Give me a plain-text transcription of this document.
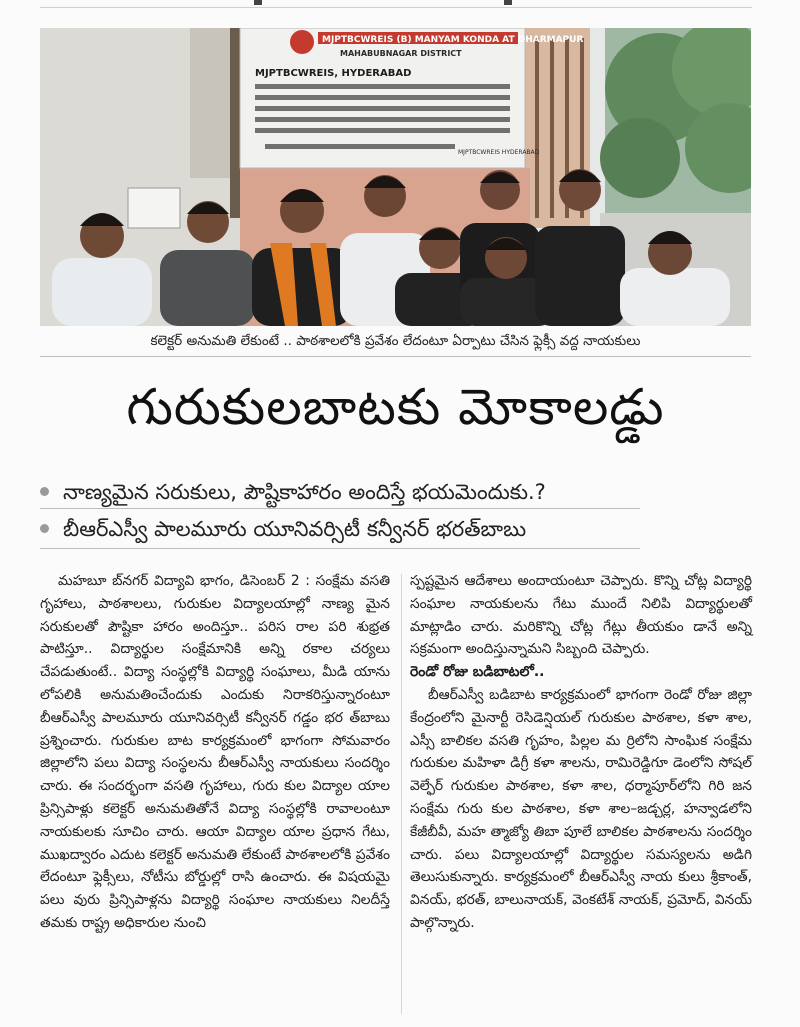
MJPTBCWREIS (B) MANYAM KONDA AT DHARMAPUR
MAHABUBNAGAR DISTRICT
MJPTBCWREIS, HYDERABAD
MJPTBCWREIS HYDERABAD
కలెక్టర్ అనుమతి లేకుంటే .. పాఠశాలలోకి ప్రవేశం లేదంటూ ఏర్పాటు చేసిన ఫ్లెక్సీ వద్ద నాయకులు
గురుకులబాటకు మోకాలడ్డు
నాణ్యమైన సరుకులు, పౌష్టికాహారం అందిస్తే భయమెందుకు.?
బీఆర్ఎస్వీ పాలమూరు యూనివర్సిటీ కన్వీనర్ భరత్‌బాబు

మహబూ బ్‌నగర్ విద్యావి భాగం, డిసెంబర్ 2 : సంక్షేమ వసతి గృహాలు, పాఠశాలలు, గురుకుల విద్యాలయాల్లో నాణ్య మైన సరుకులతో పౌష్టికా హారం అందిస్తూ.. పరిస రాల పరి శుభ్రత పాటిస్తూ.. విద్యార్థుల సంక్షేమానికి అన్ని రకాల చర్యలు చేపడుతుంటే.. విద్యా సంస్థల్లోకి విద్యార్థి సంఘాలు, మీడి యాను లోపలికి అనుమతించేందుకు ఎందుకు నిరాకరిస్తున్నారంటూ బీఆర్ఎస్వీ పాలమూరు యూనివర్సిటీ కన్వీనర్ గడ్డం భర త్‌బాబు ప్రశ్నించారు. గురుకుల బాట కార్యక్రమంలో భాగంగా సోమవారం జిల్లాలోని పలు విద్యా సంస్థలను బీఆర్ఎస్వీ నాయకులు సందర్శిం చారు. ఈ సందర్భంగా వసతి గృహాలు, గురు కుల విద్యాల యాల ప్రిన్సిపాళ్లు కలెక్టర్ అనుమతితోనే విద్యా సంస్థల్లోకి రావాలంటూ నాయకులకు సూచిం చారు. ఆయా విద్యాల యాల ప్రధాన గేటు, ముఖద్వారం ఎదుట కలెక్టర్ అనుమతి లేకుంటే పాఠశాలలోకి ప్రవేశం లేదంటూ ఫ్లెక్సీలు, నోటీసు బోర్డుల్లో రాసి ఉంచారు. ఈ విషయమై పలు వురు ప్రిన్సిపాళ్లను విద్యార్థి సంఘాల నాయకులు నిలదీస్తే తమకు రాష్ట్ర అధికారుల నుంచి

స్పష్టమైన ఆదేశాలు అందాయంటూ చెప్పారు. కొన్ని చోట్ల విద్యార్థి సంఘాల నాయకులను గేటు ముందే నిలిపి విద్యార్థులతో మాట్లాడిం చారు. మరికొన్ని చోట్ల గేట్లు తీయకుం డానే అన్ని సక్రమంగా అందిస్తున్నామని సిబ్బంది చెప్పారు.

రెండో రోజు బడిబాటలో..

బీఆర్ఎస్వీ బడిబాట కార్యక్రమంలో భాగంగా రెండో రోజు జిల్లా కేంద్రంలోని మైనార్టీ రెసిడెన్షియల్ గురుకుల పాఠశాల, కళా శాల, ఎస్సీ బాలికల వసతి గృహం, పిల్లల మ ర్రిలోని సాంఘిక సంక్షేమ గురుకుల మహిళా డిగ్రీ కళా శాలను, రామిరెడ్డిగూ డెంలోని సోషల్ వెల్ఫేర్ గురుకుల పాఠశాల, కళా శాల, ధర్మాపూర్‌లోని గిరి జన సంక్షేమ గురు కుల పాఠశాల, కళా శాల–జడ్చర్ల, హన్వాడలోని కేజీబీవీ, మహ త్మాజ్యో తిబా పూలే బాలికల పాఠశాలను సందర్శిం చారు. పలు విద్యాలయాల్లో విద్యార్థుల సమస్యలను అడిగి తెలుసుకున్నారు. కార్యక్రమంలో బీఆర్ఎస్వీ నాయ కులు శ్రీకాంత్, వినయ్, భరత్, బాలునాయక్, వెంకటేశ్ నాయక్, ప్రమోద్, వినయ్ పాల్గొన్నారు.
